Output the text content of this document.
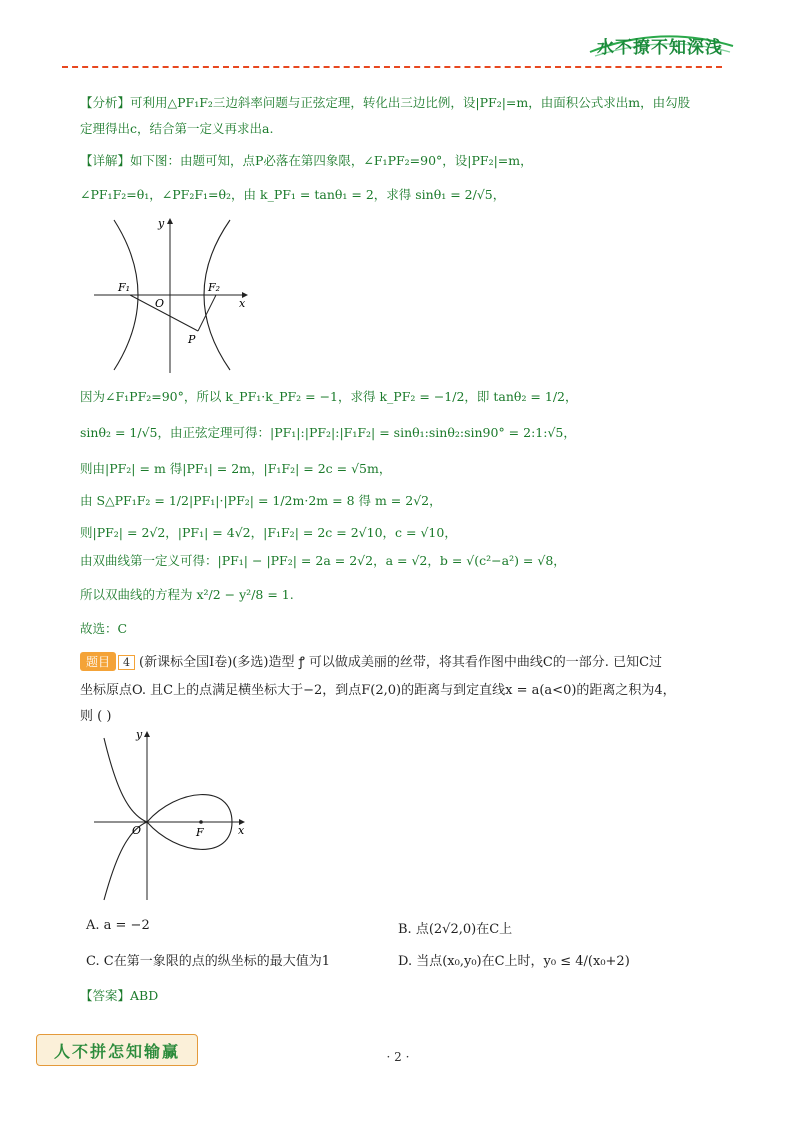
水不撩不知深浅
【分析】可利用△PF₁F₂三边斜率问题与正弦定理，转化出三边比例，设|PF₂|=m，由面积公式求出m，由勾股
定理得出c，结合第一定义再求出a.
【详解】如下图：由题可知，点P必落在第四象限，∠F₁PF₂=90°，设|PF₂|=m，
∠PF₁F₂=θ₁，∠PF₂F₁=θ₂，由 k_PF₁ = tanθ₁ = 2，求得 sinθ₁ = 2/√5，
因为∠F₁PF₂=90°，所以 k_PF₁·k_PF₂ = −1，求得 k_PF₂ = −1/2，即 tanθ₂ = 1/2，
sinθ₂ = 1/√5，由正弦定理可得：|PF₁|:|PF₂|:|F₁F₂| = sinθ₁:sinθ₂:sin90° = 2:1:√5，
则由|PF₂| = m 得|PF₁| = 2m，|F₁F₂| = 2c = √5m，
由 S△PF₁F₂ = 1/2|PF₁|·|PF₂| = 1/2m·2m = 8 得 m = 2√2，
则|PF₂| = 2√2，|PF₁| = 4√2，|F₁F₂| = 2c = 2√10，c = √10，
由双曲线第一定义可得：|PF₁| − |PF₂| = 2a = 2√2，a = √2，b = √(c²−a²) = √8，
所以双曲线的方程为 x²/2 − y²/8 = 1.
故选：C
题目 4 (新课标全国Ⅰ卷)(多选)造型 ꝭ 可以做成美丽的丝带，将其看作图中曲线C的一部分. 已知C过
坐标原点O. 且C上的点满足横坐标大于−2，到点F(2,0)的距离与到定直线x = a(a<0)的距离之积为4，
则 ( )
y
x
O
F₁	F₂
P
y
x
O	F
A. a = −2	B. 点(2√2,0)在C上
C. C在第一象限的点的纵坐标的最大值为1	D. 当点(x₀,y₀)在C上时，y₀ ≤ 4/(x₀+2)
【答案】ABD
人不拼怎知输赢	· 2 ·
